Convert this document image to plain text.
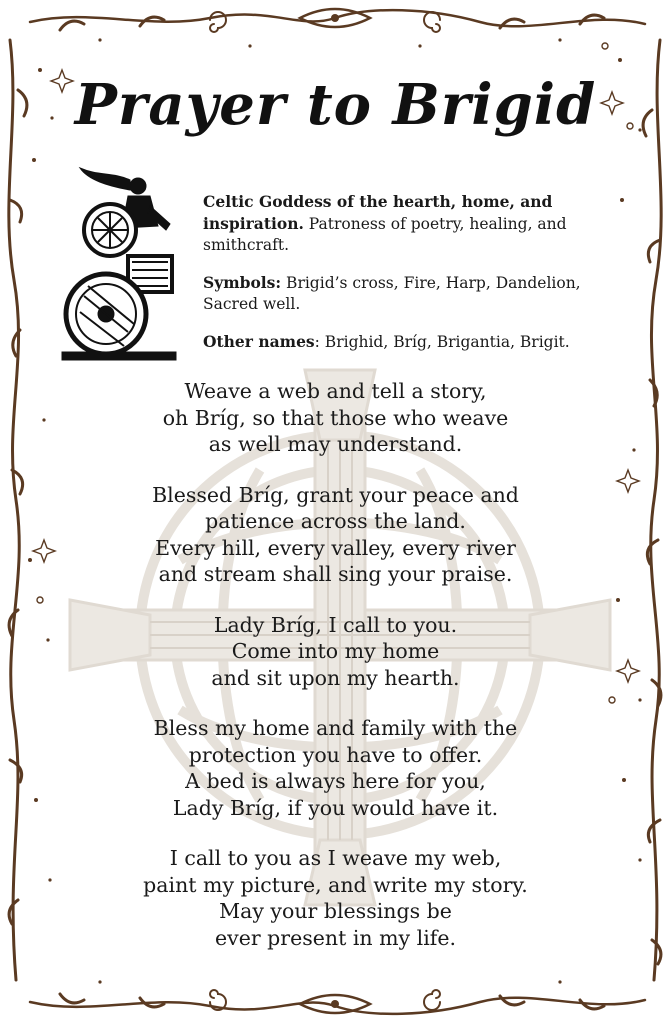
Prayer to Brigid

Celtic Goddess of the hearth, home, and inspiration. Patroness of poetry, healing, and smithcraft.

Symbols: Brigid’s cross, Fire, Harp, Dandelion, Sacred well.

Other names: Brighid, Bríg, Brigantia, Brigit.

Weave a web and tell a story,
oh Bríg, so that those who weave
as well may understand.
Blessed Bríg, grant your peace and
patience across the land.
Every hill, every valley, every river
and stream shall sing your praise.
Lady Bríg, I call to you.
Come into my home
and sit upon my hearth.
Bless my home and family with the
protection you have to offer.
A bed is always here for you,
Lady Bríg, if you would have it.
I call to you as I weave my web,
paint my picture, and write my story.
May your blessings be
ever present in my life.
